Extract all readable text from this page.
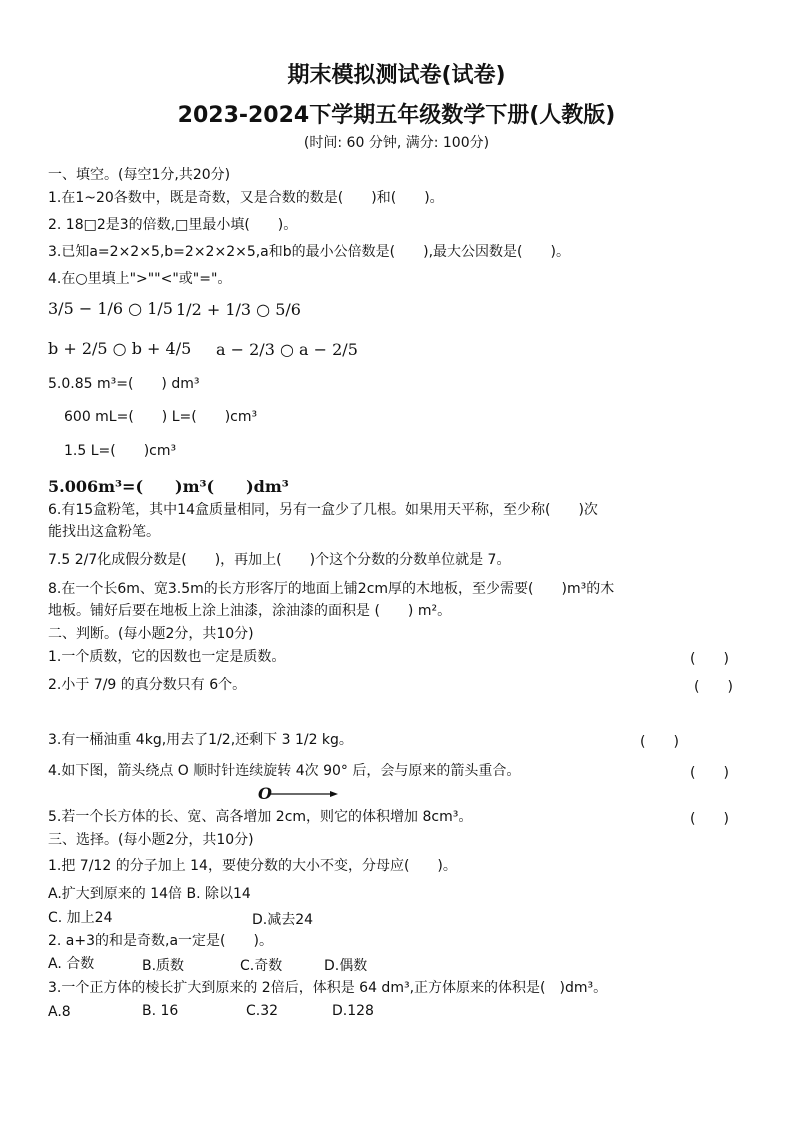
期末模拟测试卷(试卷)
2023-2024下学期五年级数学下册(人教版)
(时间: 60 分钟, 满分: 100分)
一、填空。(每空1分,共20分)
1.在1~20各数中，既是奇数，又是合数的数是(　　)和(　　)。
2. 18□2是3的倍数,□里最小填(　　)。
3.已知a=2×2×5,b=2×2×2×5,a和b的最小公倍数是(　　),最大公因数是(　　)。
4.在○里填上">""<"或"="。
3/5 − 1/6 ○ 1/5 1/2 + 1/3 ○ 5/6
b + 2/5 ○ b + 4/5 a − 2/3 ○ a − 2/5
5.0.85 m³=(　　) dm³
600 mL=(　　) L=(　　)cm³
1.5 L=(　　)cm³
5.006m³=(　　)m³(　　)dm³
6.有15盒粉笔，其中14盒质量相同，另有一盒少了几根。如果用天平称，至少称(　　)次
能找出这盒粉笔。
7.5 2/7化成假分数是(　　)，再加上(　　)个这个分数的分数单位就是 7。
8.在一个长6m、宽3.5m的长方形客厅的地面上铺2cm厚的木地板，至少需要(　　)m³的木
地板。铺好后要在地板上涂上油漆，涂油漆的面积是 (　　) m²。
二、判断。(每小题2分，共10分)
1.一个质数，它的因数也一定是质数。	(　　)
2.小于 7/9 的真分数只有 6个。	(　　)
3.有一桶油重 4kg,用去了1/2,还剩下 3 1/2 kg。	(　　)
4.如下图，箭头绕点 O 顺时针连续旋转 4次 90° 后，会与原来的箭头重合。	(　　)
O
5.若一个长方体的长、宽、高各增加 2cm，则它的体积增加 8cm³。	(　　)
三、选择。(每小题2分，共10分)
1.把 7/12 的分子加上 14，要使分数的大小不变，分母应(　　)。
A.扩大到原来的 14倍 B. 除以14
C. 加上24	D.减去24
2. a+3的和是奇数,a一定是(　　)。
A. 合数	B.质数	C.奇数	D.偶数
3.一个正方体的棱长扩大到原来的 2倍后，体积是 64 dm³,正方体原来的体积是(　)dm³。
A.8	B. 16	C.32	D.128
